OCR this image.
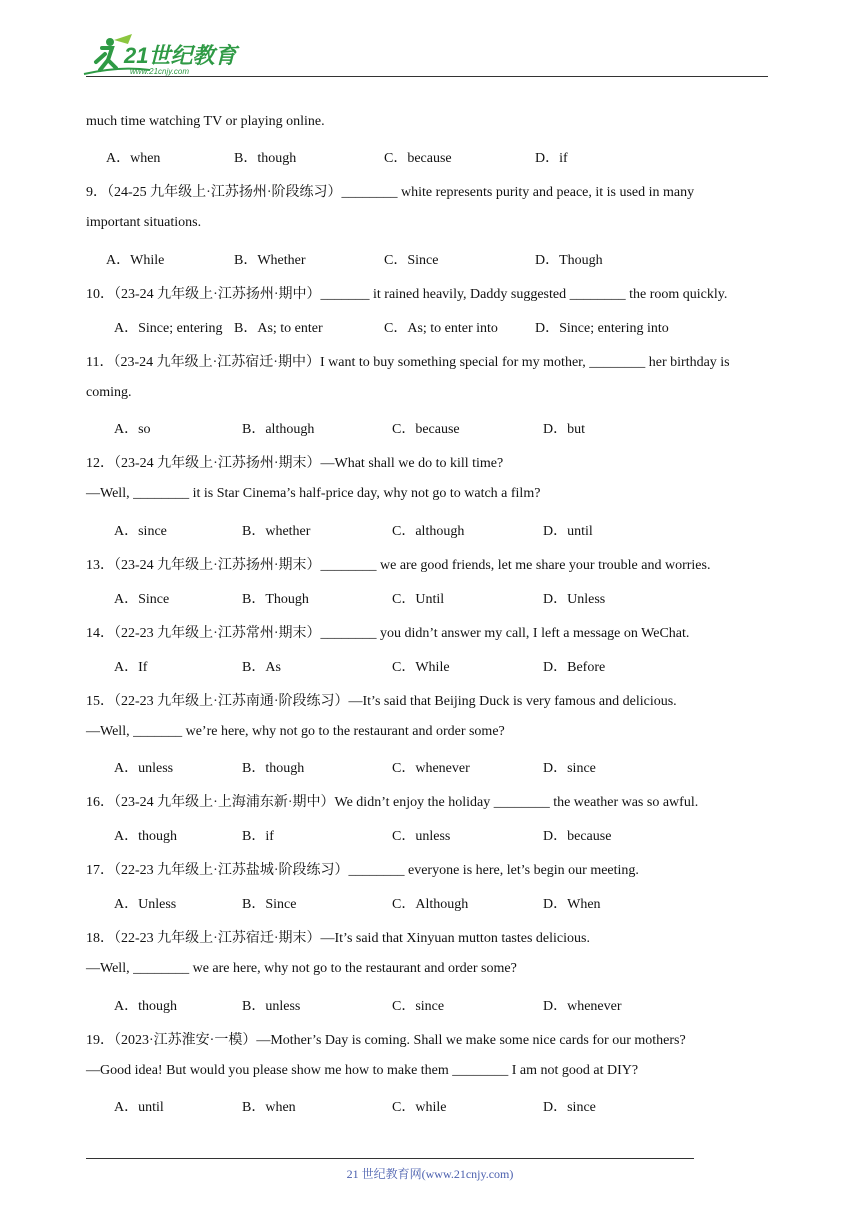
21世纪教育
www.21cnjy.com
much time watching TV or playing online.
A．when	B．though	C．because	D．if
9．（24-25 九年级上·江苏扬州·阶段练习）________ white represents purity and peace, it is used in many
important situations.
A．While	B．Whether	C．Since	D．Though
10．（23-24 九年级上·江苏扬州·期中）_______ it rained heavily, Daddy suggested ________ the room quickly.
A．Since; entering B．As; to enter	C．As; to enter into	D．Since; entering into
11．（23-24 九年级上·江苏宿迁·期中）I want to buy something special for my mother, ________ her birthday is
coming.
A．so	B．although	C．because	D．but
12．（23-24 九年级上·江苏扬州·期末）—What shall we do to kill time?
—Well, ________ it is Star Cinema’s half-price day, why not go to watch a film?
A．since	B．whether	C．although	D．until
13．（23-24 九年级上·江苏扬州·期末）________ we are good friends, let me share your trouble and worries.
A．Since	B．Though	C．Until	D．Unless
14．（22-23 九年级上·江苏常州·期末）________ you didn’t answer my call, I left a message on WeChat.
A．If	B．As	C．While	D．Before
15．（22-23 九年级上·江苏南通·阶段练习）—It’s said that Beijing Duck is very famous and delicious.
—Well, _______ we’re here, why not go to the restaurant and order some?
A．unless	B．though	C．whenever	D．since
16．（23-24 九年级上·上海浦东新·期中）We didn’t enjoy the holiday ________ the weather was so awful.
A．though	B．if	C．unless	D．because
17．（22-23 九年级上·江苏盐城·阶段练习）________ everyone is here, let’s begin our meeting.
A．Unless	B．Since	C．Although	D．When
18．（22-23 九年级上·江苏宿迁·期末）—It’s said that Xinyuan mutton tastes delicious.
—Well, ________ we are here, why not go to the restaurant and order some?
A．though	B．unless	C．since	D．whenever
19．（2023·江苏淮安·一模）—Mother’s Day is coming. Shall we make some nice cards for our mothers?
—Good idea! But would you please show me how to make them ________ I am not good at DIY?
A．until	B．when	C．while	D．since
21 世纪教育网(www.21cnjy.com)
